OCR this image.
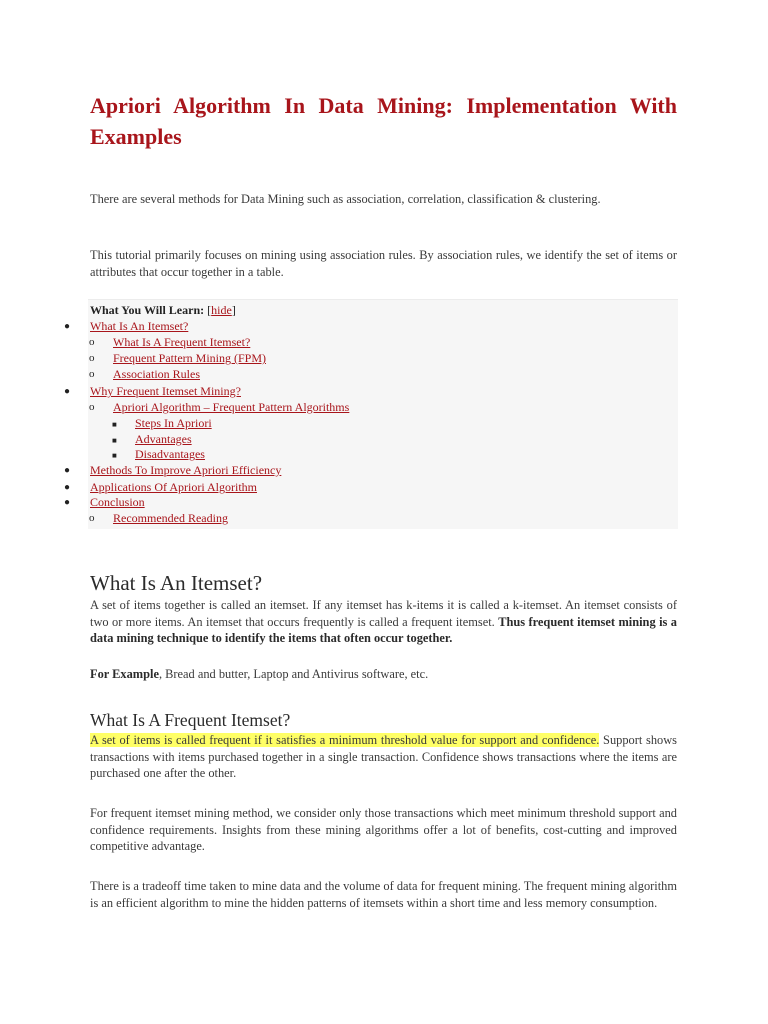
Apriori Algorithm In Data Mining: Implementation With Examples

There are several methods for Data Mining such as association, correlation, classification & clustering.

This tutorial primarily focuses on mining using association rules. By association rules, we identify the set of items or attributes that occur together in a table.

What You Will Learn: [hide]
● What Is An Itemset?
o What Is A Frequent Itemset?
o Frequent Pattern Mining (FPM)
o Association Rules
● Why Frequent Itemset Mining?
o Apriori Algorithm – Frequent Pattern Algorithms
■ Steps In Apriori
■ Advantages
■ Disadvantages
● Methods To Improve Apriori Efficiency
● Applications Of Apriori Algorithm
● Conclusion
o Recommended Reading
What Is An Itemset?

A set of items together is called an itemset. If any itemset has k-items it is called a k-itemset. An itemset consists of two or more items. An itemset that occurs frequently is called a frequent itemset. Thus frequent itemset mining is a data mining technique to identify the items that often occur together.

For Example, Bread and butter, Laptop and Antivirus software, etc.

What Is A Frequent Itemset?

A set of items is called frequent if it satisfies a minimum threshold value for support and confidence. Support shows transactions with items purchased together in a single transaction. Confidence shows transactions where the items are purchased one after the other.

For frequent itemset mining method, we consider only those transactions which meet minimum threshold support and confidence requirements. Insights from these mining algorithms offer a lot of benefits, cost-cutting and improved competitive advantage.

There is a tradeoff time taken to mine data and the volume of data for frequent mining. The frequent mining algorithm is an efficient algorithm to mine the hidden patterns of itemsets within a short time and less memory consumption.
